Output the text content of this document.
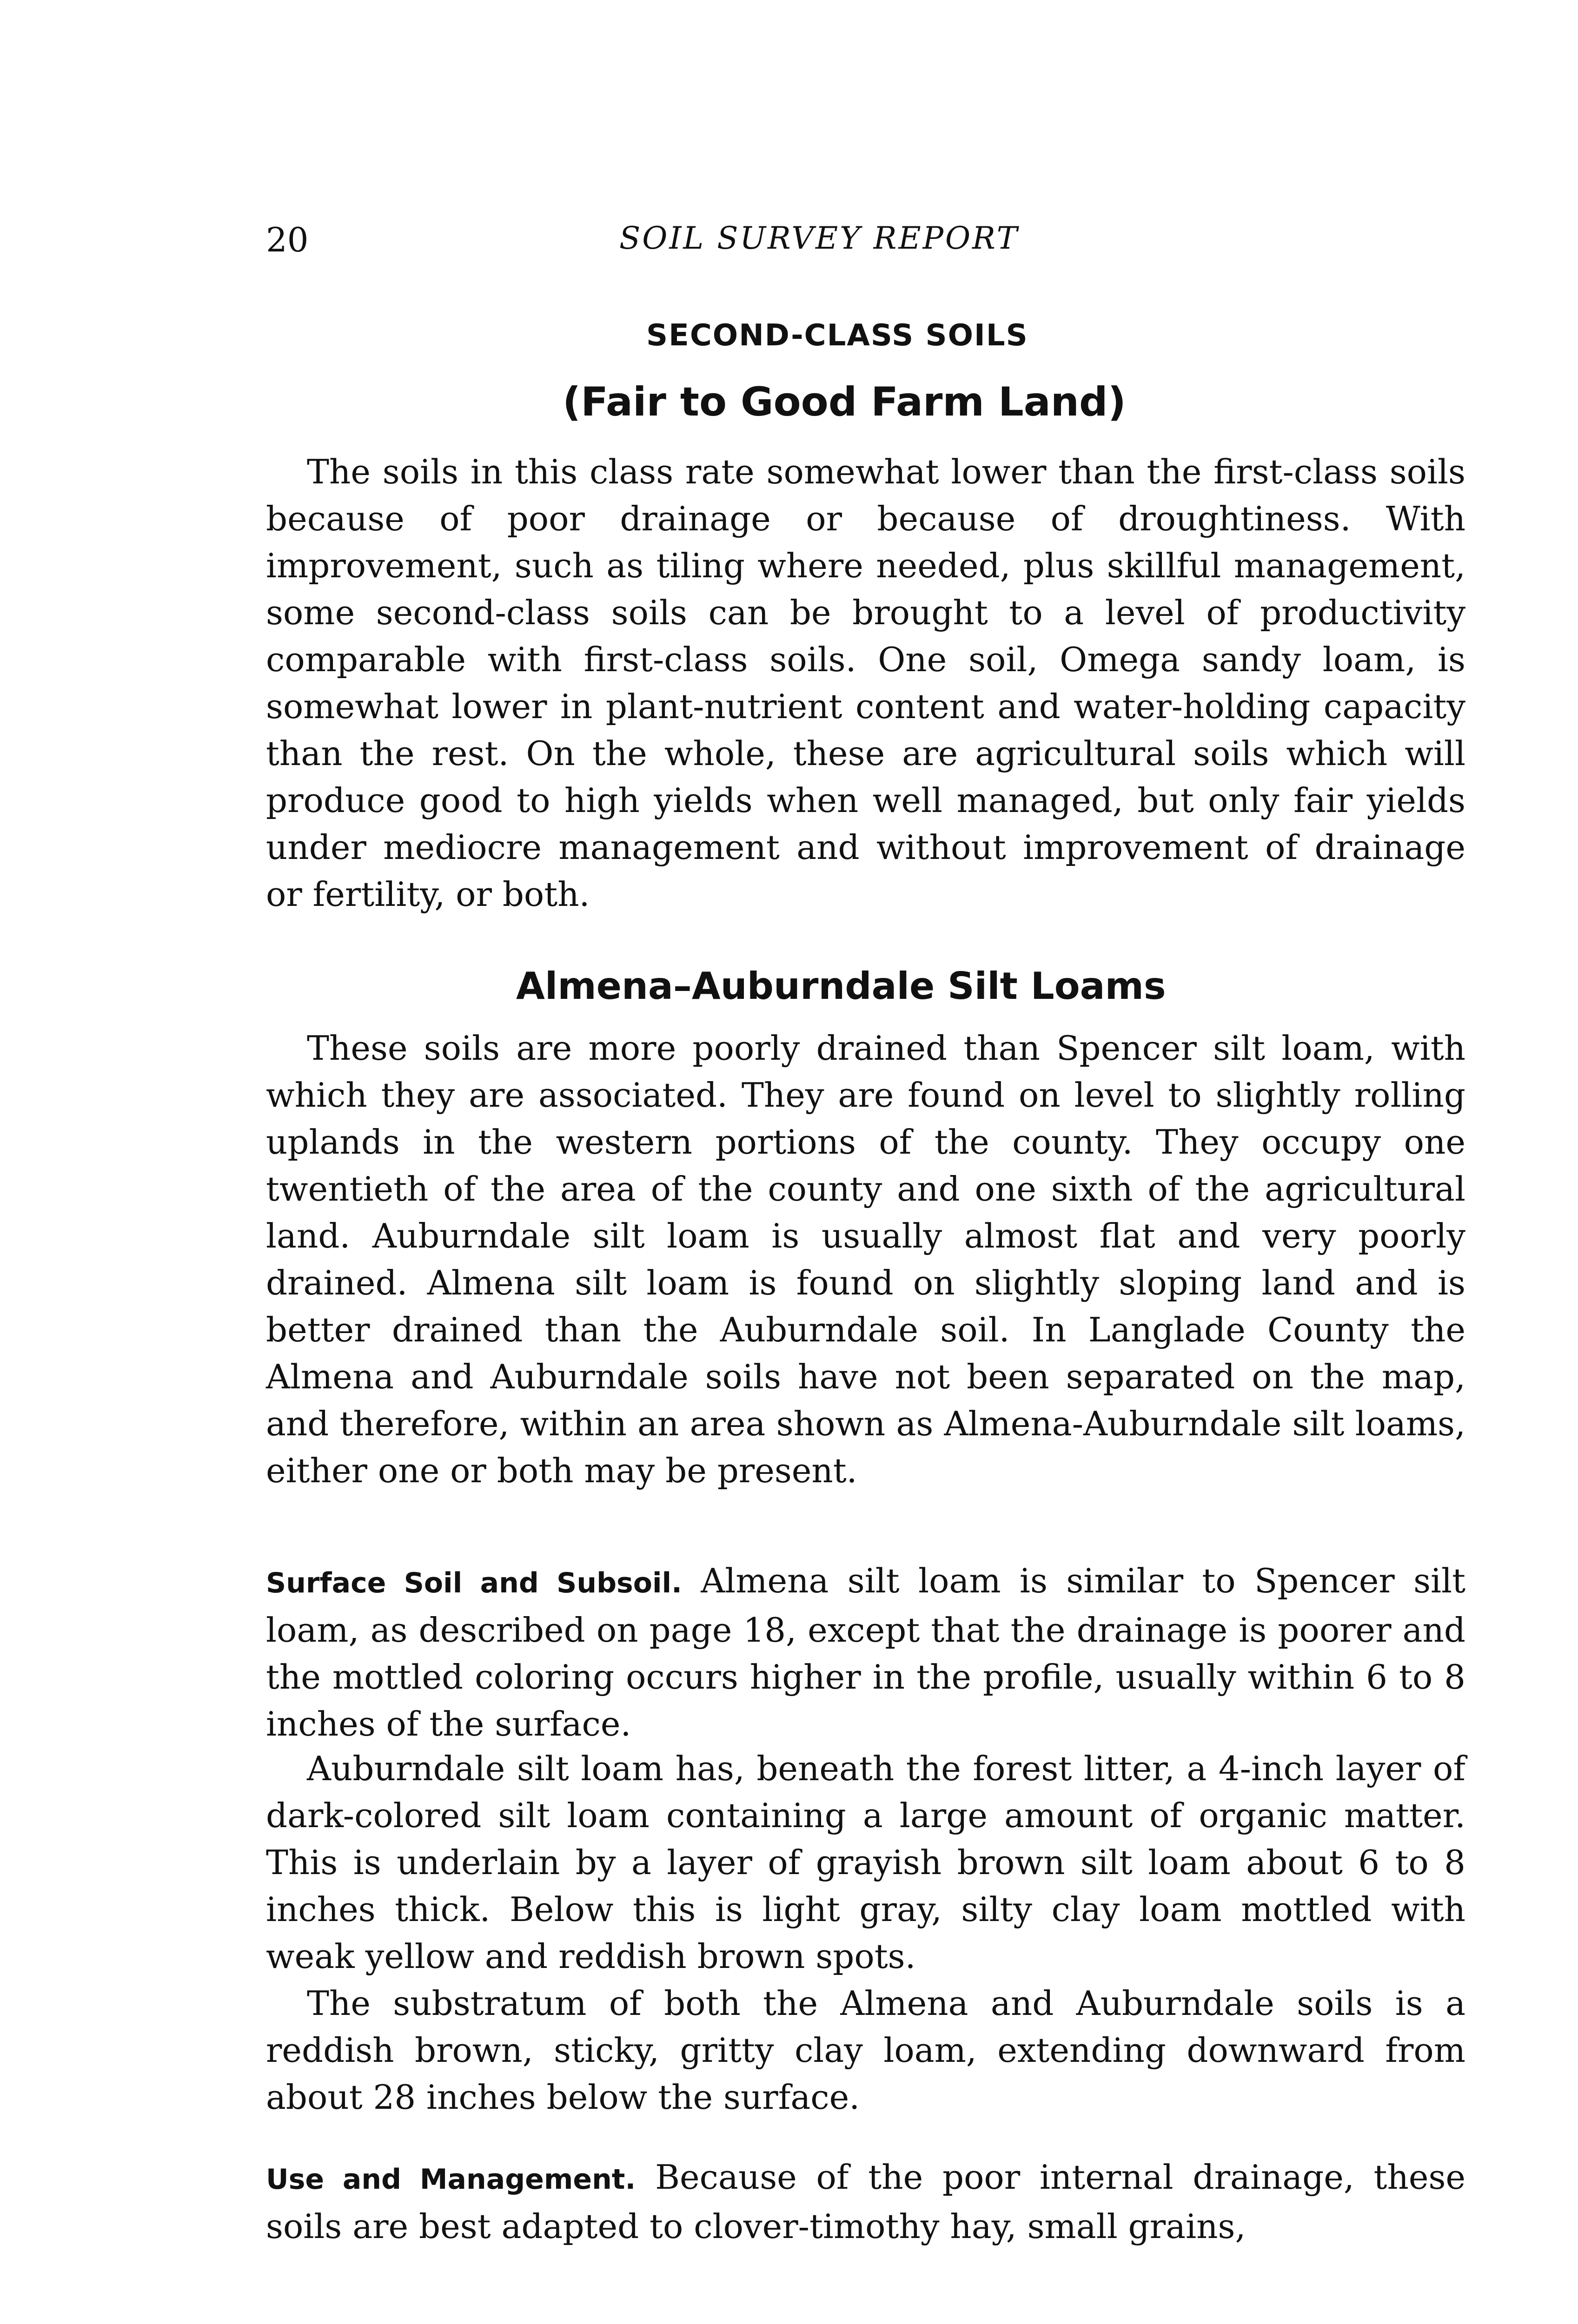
20	SOIL SURVEY REPORT
SECOND-CLASS SOILS
(Fair to Good Farm Land)

The soils in this class rate somewhat lower than the first-class soils because of poor drainage or because of droughtiness. With improvement, such as tiling where needed, plus skillful management, some second-class soils can be brought to a level of productivity comparable with first-class soils. One soil, Omega sandy loam, is somewhat lower in plant-nutrient content and water-holding capacity than the rest. On the whole, these are agricultural soils which will produce good to high yields when well managed, but only fair yields under mediocre management and without improvement of drainage or fertility, or both.

Almena–Auburndale Silt Loams

These soils are more poorly drained than Spencer silt loam, with which they are associated. They are found on level to slightly rolling uplands in the western portions of the county. They occupy one twentieth of the area of the county and one sixth of the agricultural land. Auburndale silt loam is usually almost flat and very poorly drained. Almena silt loam is found on slightly sloping land and is better drained than the Auburndale soil. In Langlade County the Almena and Auburndale soils have not been separated on the map, and therefore, within an area shown as Almena-Auburndale silt loams, either one or both may be present.

Surface Soil and Subsoil. Almena silt loam is similar to Spencer silt loam, as described on page 18, except that the drainage is poorer and the mottled coloring occurs higher in the profile, usually within 6 to 8 inches of the surface.

Auburndale silt loam has, beneath the forest litter, a 4-inch layer of dark-colored silt loam containing a large amount of organic matter. This is underlain by a layer of grayish brown silt loam about 6 to 8 inches thick. Below this is light gray, silty clay loam mottled with weak yellow and reddish brown spots.

The substratum of both the Almena and Auburndale soils is a reddish brown, sticky, gritty clay loam, extending downward from about 28 inches below the surface.

Use and Management. Because of the poor internal drainage, these soils are best adapted to clover-timothy hay, small grains,
